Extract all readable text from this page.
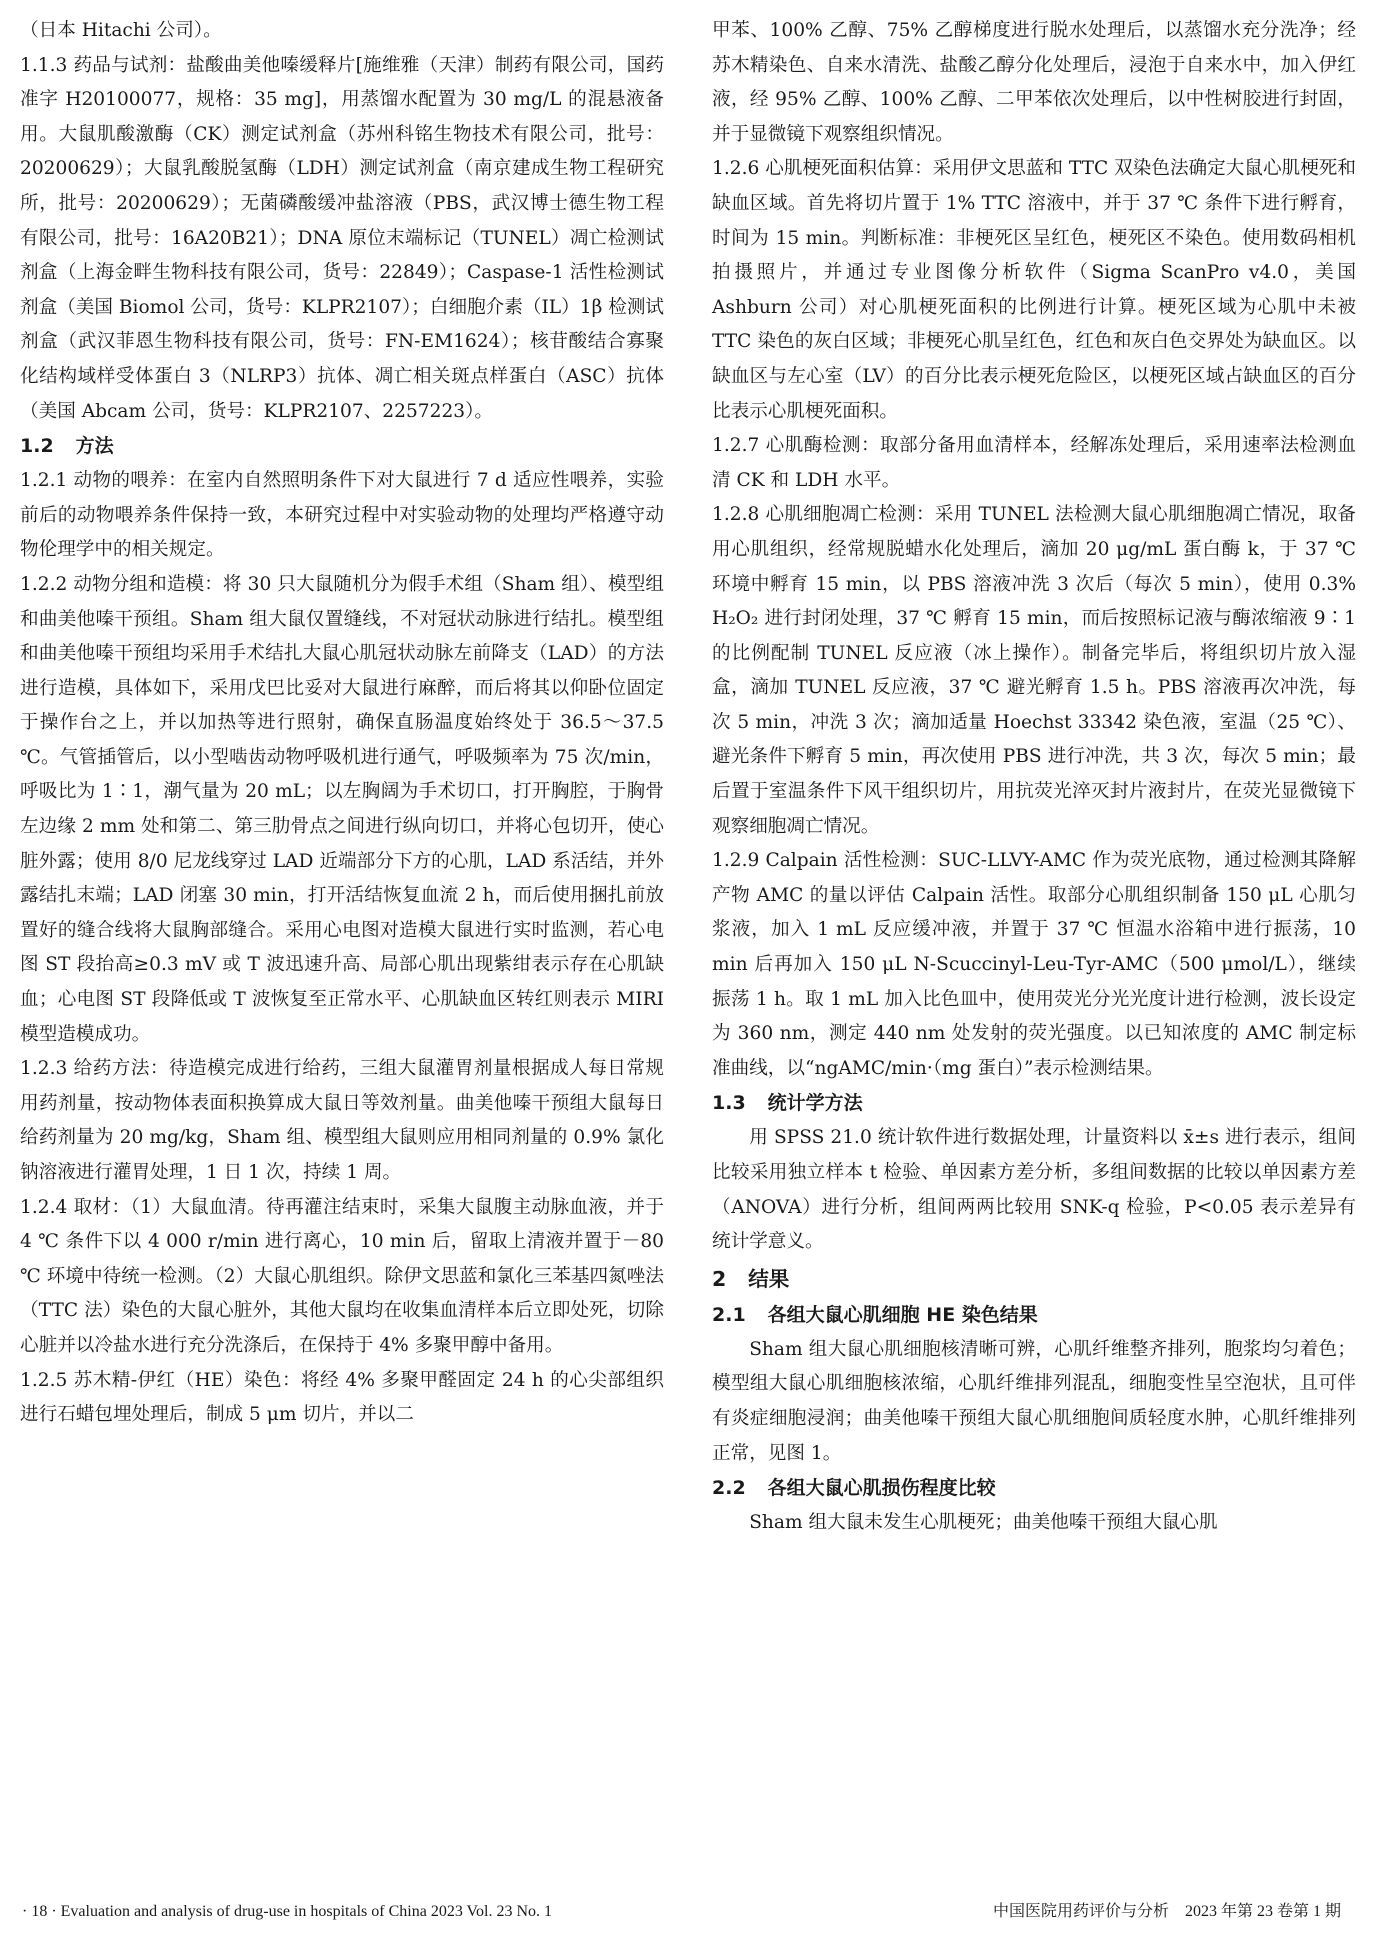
（日本 Hitachi 公司）。

1.1.3 药品与试剂：盐酸曲美他嗪缓释片[施维雅（天津）制药有限公司，国药准字 H20100077，规格：35 mg]，用蒸馏水配置为 30 mg/L 的混悬液备用。大鼠肌酸激酶（CK）测定试剂盒（苏州科铭生物技术有限公司，批号：20200629）；大鼠乳酸脱氢酶（LDH）测定试剂盒（南京建成生物工程研究所，批号：20200629）；无菌磷酸缓冲盐溶液（PBS，武汉博士德生物工程有限公司，批号：16A20B21）；DNA 原位末端标记（TUNEL）凋亡检测试剂盒（上海金畔生物科技有限公司，货号：22849）；Caspase-1 活性检测试剂盒（美国 Biomol 公司，货号：KLPR2107）；白细胞介素（IL）1β 检测试剂盒（武汉菲恩生物科技有限公司，货号：FN-EM1624）；核苷酸结合寡聚化结构域样受体蛋白 3（NLRP3）抗体、凋亡相关斑点样蛋白（ASC）抗体（美国 Abcam 公司，货号：KLPR2107、2257223）。

1.2 方法

1.2.1 动物的喂养：在室内自然照明条件下对大鼠进行 7 d 适应性喂养，实验前后的动物喂养条件保持一致，本研究过程中对实验动物的处理均严格遵守动物伦理学中的相关规定。

1.2.2 动物分组和造模：将 30 只大鼠随机分为假手术组（Sham 组）、模型组和曲美他嗪干预组。Sham 组大鼠仅置缝线，不对冠状动脉进行结扎。模型组和曲美他嗪干预组均采用手术结扎大鼠心肌冠状动脉左前降支（LAD）的方法进行造模，具体如下，采用戊巴比妥对大鼠进行麻醉，而后将其以仰卧位固定于操作台之上，并以加热等进行照射，确保直肠温度始终处于 36.5～37.5 ℃。气管插管后，以小型啮齿动物呼吸机进行通气，呼吸频率为 75 次/min，呼吸比为 1∶1，潮气量为 20 mL；以左胸阔为手术切口，打开胸腔，于胸骨左边缘 2 mm 处和第二、第三肋骨点之间进行纵向切口，并将心包切开，使心脏外露；使用 8/0 尼龙线穿过 LAD 近端部分下方的心肌，LAD 系活结，并外露结扎末端；LAD 闭塞 30 min，打开活结恢复血流 2 h，而后使用捆扎前放置好的缝合线将大鼠胸部缝合。采用心电图对造模大鼠进行实时监测，若心电图 ST 段抬高≥0.3 mV 或 T 波迅速升高、局部心肌出现紫绀表示存在心肌缺血；心电图 ST 段降低或 T 波恢复至正常水平、心肌缺血区转红则表示 MIRI 模型造模成功。

1.2.3 给药方法：待造模完成进行给药，三组大鼠灌胃剂量根据成人每日常规用药剂量，按动物体表面积换算成大鼠日等效剂量。曲美他嗪干预组大鼠每日给药剂量为 20 mg/kg，Sham 组、模型组大鼠则应用相同剂量的 0.9% 氯化钠溶液进行灌胃处理，1 日 1 次，持续 1 周。

1.2.4 取材：（1）大鼠血清。待再灌注结束时，采集大鼠腹主动脉血液，并于 4 ℃ 条件下以 4 000 r/min 进行离心，10 min 后，留取上清液并置于－80 ℃ 环境中待统一检测。（2）大鼠心肌组织。除伊文思蓝和氯化三苯基四氮唑法（TTC 法）染色的大鼠心脏外，其他大鼠均在收集血清样本后立即处死，切除心脏并以冷盐水进行充分洗涤后，在保持于 4% 多聚甲醇中备用。

1.2.5 苏木精-伊红（HE）染色：将经 4% 多聚甲醛固定 24 h 的心尖部组织进行石蜡包埋处理后，制成 5 μm 切片，并以二

甲苯、100% 乙醇、75% 乙醇梯度进行脱水处理后，以蒸馏水充分洗净；经苏木精染色、自来水清洗、盐酸乙醇分化处理后，浸泡于自来水中，加入伊红液，经 95% 乙醇、100% 乙醇、二甲苯依次处理后，以中性树胶进行封固，并于显微镜下观察组织情况。

1.2.6 心肌梗死面积估算：采用伊文思蓝和 TTC 双染色法确定大鼠心肌梗死和缺血区域。首先将切片置于 1% TTC 溶液中，并于 37 ℃ 条件下进行孵育，时间为 15 min。判断标准：非梗死区呈红色，梗死区不染色。使用数码相机拍摄照片，并通过专业图像分析软件（Sigma ScanPro v4.0，美国 Ashburn 公司）对心肌梗死面积的比例进行计算。梗死区域为心肌中未被 TTC 染色的灰白区域；非梗死心肌呈红色，红色和灰白色交界处为缺血区。以缺血区与左心室（LV）的百分比表示梗死危险区，以梗死区域占缺血区的百分比表示心肌梗死面积。

1.2.7 心肌酶检测：取部分备用血清样本，经解冻处理后，采用速率法检测血清 CK 和 LDH 水平。

1.2.8 心肌细胞凋亡检测：采用 TUNEL 法检测大鼠心肌细胞凋亡情况，取备用心肌组织，经常规脱蜡水化处理后，滴加 20 μg/mL 蛋白酶 k，于 37 ℃ 环境中孵育 15 min，以 PBS 溶液冲洗 3 次后（每次 5 min），使用 0.3% H₂O₂ 进行封闭处理，37 ℃ 孵育 15 min，而后按照标记液与酶浓缩液 9∶1 的比例配制 TUNEL 反应液（冰上操作）。制备完毕后，将组织切片放入湿盒，滴加 TUNEL 反应液，37 ℃ 避光孵育 1.5 h。PBS 溶液再次冲洗，每次 5 min，冲洗 3 次；滴加适量 Hoechst 33342 染色液，室温（25 ℃）、避光条件下孵育 5 min，再次使用 PBS 进行冲洗，共 3 次，每次 5 min；最后置于室温条件下风干组织切片，用抗荧光淬灭封片液封片，在荧光显微镜下观察细胞凋亡情况。

1.2.9 Calpain 活性检测：SUC-LLVY-AMC 作为荧光底物，通过检测其降解产物 AMC 的量以评估 Calpain 活性。取部分心肌组织制备 150 μL 心肌匀浆液，加入 1 mL 反应缓冲液，并置于 37 ℃ 恒温水浴箱中进行振荡，10 min 后再加入 150 μL N-Scuccinyl-Leu-Tyr-AMC（500 μmol/L），继续振荡 1 h。取 1 mL 加入比色皿中，使用荧光分光光度计进行检测，波长设定为 360 nm，测定 440 nm 处发射的荧光强度。以已知浓度的 AMC 制定标准曲线，以“ngAMC/min·（mg 蛋白）”表示检测结果。

1.3 统计学方法

用 SPSS 21.0 统计软件进行数据处理，计量资料以 x̄±s 进行表示，组间比较采用独立样本 t 检验、单因素方差分析，多组间数据的比较以单因素方差（ANOVA）进行分析，组间两两比较用 SNK-q 检验，P<0.05 表示差异有统计学意义。

2 结果
2.1 各组大鼠心肌细胞 HE 染色结果

Sham 组大鼠心肌细胞核清晰可辨，心肌纤维整齐排列，胞浆均匀着色；模型组大鼠心肌细胞核浓缩，心肌纤维排列混乱，细胞变性呈空泡状，且可伴有炎症细胞浸润；曲美他嗪干预组大鼠心肌细胞间质轻度水肿，心肌纤维排列正常，见图 1。

2.2 各组大鼠心肌损伤程度比较

Sham 组大鼠未发生心肌梗死；曲美他嗪干预组大鼠心肌

· 18 · Evaluation and analysis of drug-use in hospitals of China 2023 Vol. 23 No. 1	中国医院用药评价与分析　2023 年第 23 卷第 1 期
